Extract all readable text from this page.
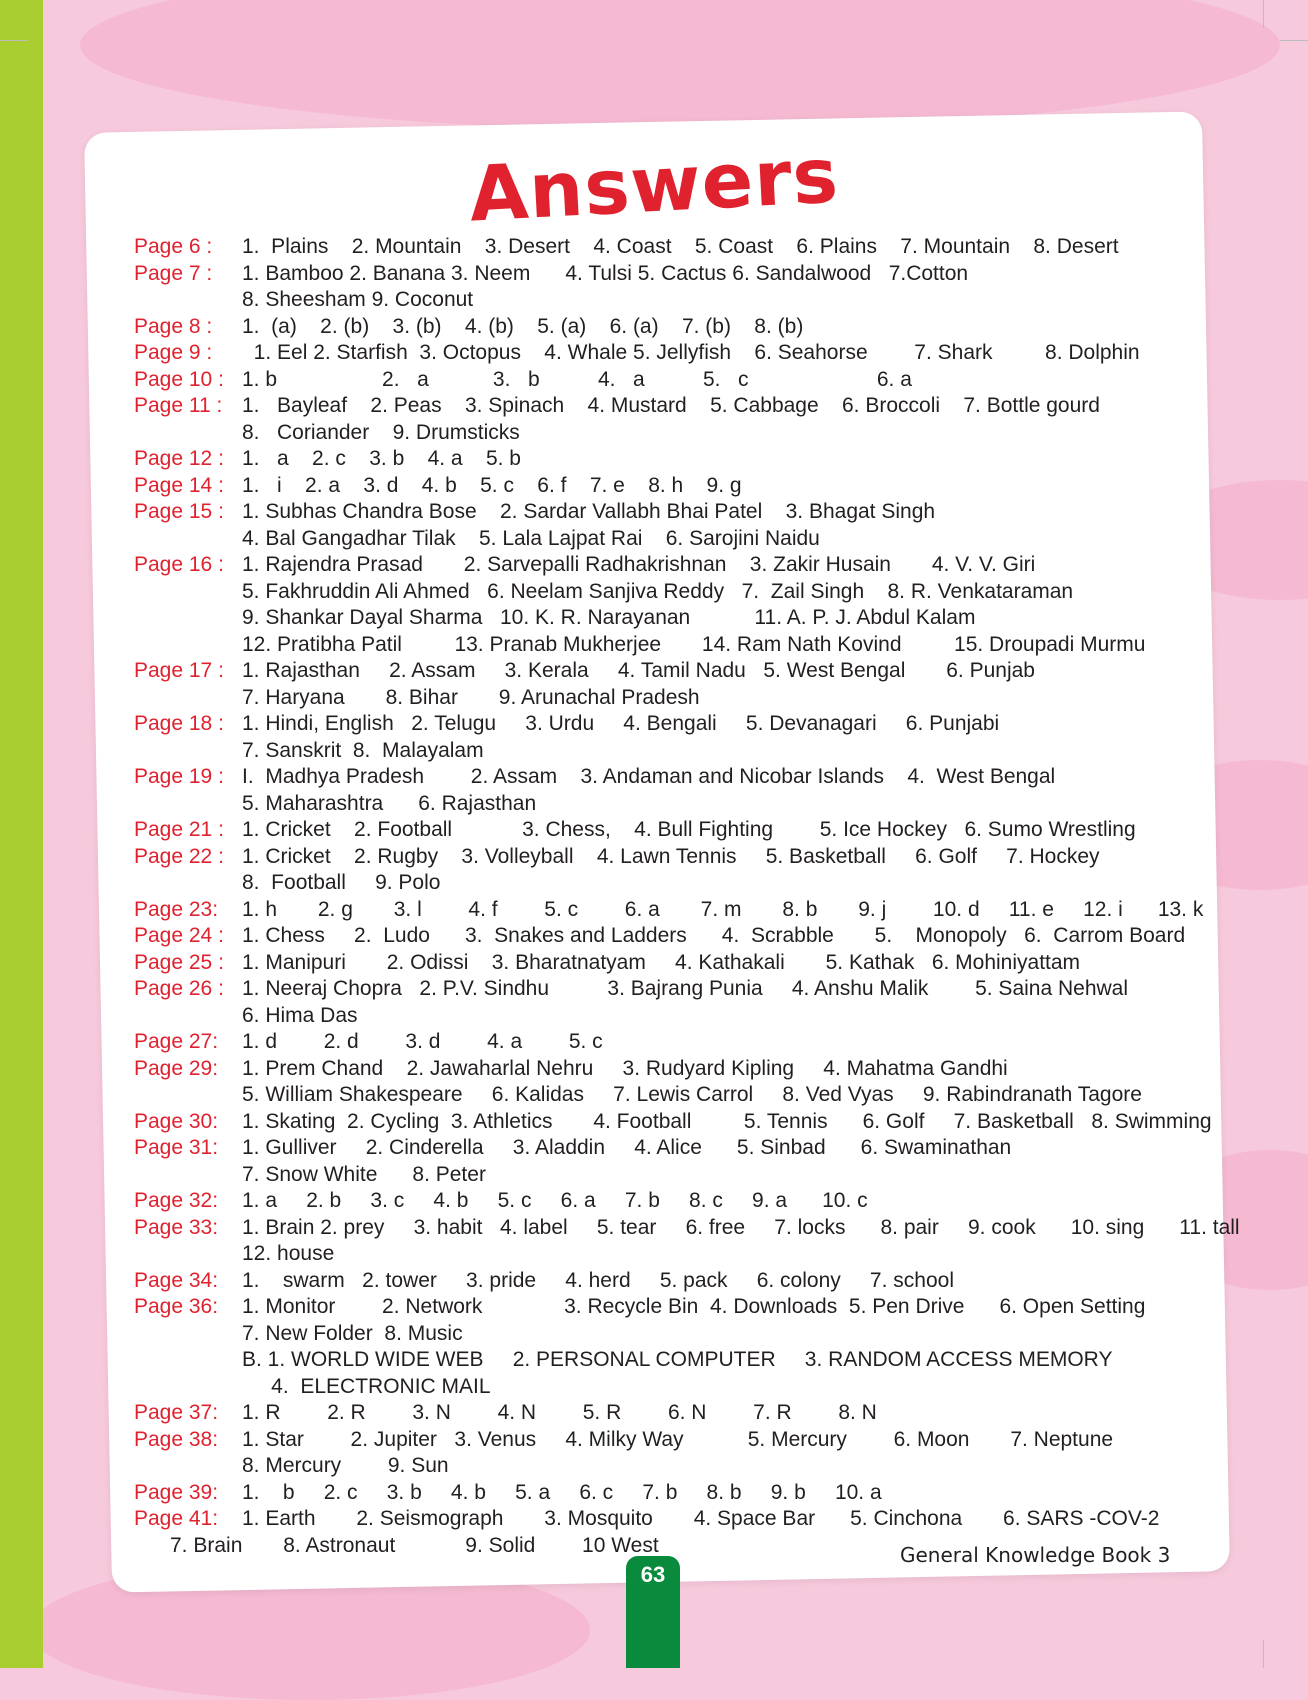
Answers
Page 6 :	1.  Plains    2. Mountain    3. Desert    4. Coast    5. Coast    6. Plains    7. Mountain    8. Desert
Page 7 :	1. Bamboo 2. Banana 3. Neem      4. Tulsi 5. Cactus 6. Sandalwood   7.Cotton
8. Sheesham 9. Coconut
Page 8 :	1.  (a)    2. (b)    3. (b)    4. (b)    5. (a)    6. (a)    7. (b)    8. (b)
Page 9 :	1. Eel 2. Starfish  3. Octopus    4. Whale 5. Jellyfish    6. Seahorse        7. Shark         8. Dolphin
Page 10 : 1. b                  2.   a           3.   b          4.   a          5.   c                      6. a
Page 11 : 1.   Bayleaf    2. Peas    3. Spinach    4. Mustard    5. Cabbage    6. Broccoli    7. Bottle gourd
8.   Coriander    9. Drumsticks
Page 12 : 1.   a    2. c    3. b    4. a    5. b
Page 14 : 1.   i    2. a    3. d    4. b    5. c    6. f    7. e    8. h    9. g
Page 15 : 1. Subhas Chandra Bose    2. Sardar Vallabh Bhai Patel    3. Bhagat Singh
4. Bal Gangadhar Tilak    5. Lala Lajpat Rai    6. Sarojini Naidu
Page 16 : 1. Rajendra Prasad       2. Sarvepalli Radhakrishnan    3. Zakir Husain       4. V. V. Giri
5. Fakhruddin Ali Ahmed   6. Neelam Sanjiva Reddy   7.  Zail Singh    8. R. Venkataraman
9. Shankar Dayal Sharma   10. K. R. Narayanan           11. A. P. J. Abdul Kalam
12. Pratibha Patil         13. Pranab Mukherjee       14. Ram Nath Kovind         15. Droupadi Murmu
Page 17 : 1. Rajasthan     2. Assam     3. Kerala     4. Tamil Nadu   5. West Bengal       6. Punjab
7. Haryana       8. Bihar       9. Arunachal Pradesh
Page 18 : 1. Hindi, English   2. Telugu     3. Urdu     4. Bengali     5. Devanagari     6. Punjabi
7. Sanskrit  8.  Malayalam
Page 19 : I.  Madhya Pradesh        2. Assam    3. Andaman and Nicobar Islands    4.  West Bengal
5. Maharashtra      6. Rajasthan
Page 21 : 1. Cricket    2. Football            3. Chess,    4. Bull Fighting        5. Ice Hockey   6. Sumo Wrestling
Page 22 : 1. Cricket    2. Rugby    3. Volleyball    4. Lawn Tennis     5. Basketball     6. Golf     7. Hockey
8.  Football     9. Polo
Page 23:	1. h       2. g       3. l        4. f        5. c        6. a       7. m       8. b       9. j        10. d     11. e     12. i      13. k
Page 24 : 1. Chess     2.  Ludo      3.  Snakes and Ladders      4.  Scrabble       5.    Monopoly   6.  Carrom Board
Page 25 : 1. Manipuri       2. Odissi    3. Bharatnatyam     4. Kathakali       5. Kathak   6. Mohiniyattam
Page 26 : 1. Neeraj Chopra   2. P.V. Sindhu          3. Bajrang Punia     4. Anshu Malik        5. Saina Nehwal
6. Hima Das
Page 27:	1. d        2. d        3. d        4. a        5. c
Page 29:	1. Prem Chand    2. Jawaharlal Nehru     3. Rudyard Kipling     4. Mahatma Gandhi
5. William Shakespeare     6. Kalidas     7. Lewis Carrol     8. Ved Vyas     9. Rabindranath Tagore
Page 30:	1. Skating  2. Cycling  3. Athletics       4. Football         5. Tennis      6. Golf     7. Basketball   8. Swimming
Page 31:	1. Gulliver     2. Cinderella     3. Aladdin     4. Alice      5. Sinbad      6. Swaminathan
7. Snow White      8. Peter
Page 32:	1. a     2. b     3. c     4. b     5. c     6. a     7. b     8. c     9. a      10. c
Page 33:	1. Brain 2. prey     3. habit   4. label     5. tear     6. free     7. locks      8. pair     9. cook      10. sing      11. tall
12. house
Page 34:	1.    swarm   2. tower     3. pride     4. herd     5. pack     6. colony     7. school
Page 36:	1. Monitor        2. Network              3. Recycle Bin  4. Downloads  5. Pen Drive      6. Open Setting
7. New Folder  8. Music
B. 1. WORLD WIDE WEB     2. PERSONAL COMPUTER     3. RANDOM ACCESS MEMORY
4.  ELECTRONIC MAIL
Page 37:	1. R        2. R        3. N        4. N        5. R        6. N        7. R        8. N
Page 38:	1. Star        2. Jupiter   3. Venus     4. Milky Way           5. Mercury        6. Moon       7. Neptune
8. Mercury        9. Sun
Page 39:	1.    b     2. c     3. b     4. b     5. a     6. c     7. b     8. b     9. b     10. a
Page 41:	1. Earth       2. Seismograph       3. Mosquito       4. Space Bar      5. Cinchona       6. SARS -COV-2
7. Brain       8. Astronaut            9. Solid        10 West	General Knowledge Book 3
63
